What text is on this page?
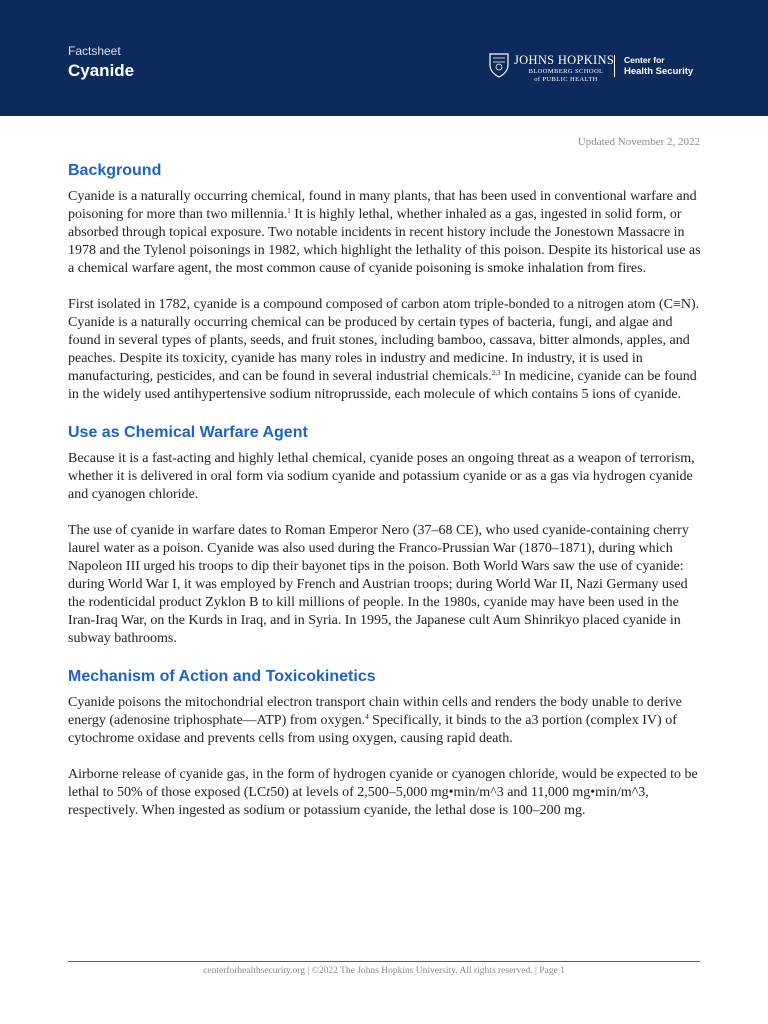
Factsheet
Cyanide
JOHNS HOPKINS
BLOOMBERG SCHOOL
of PUBLIC HEALTH
Center for
Health Security
Updated November 2, 2022
Background

Cyanide is a naturally occurring chemical, found in many plants, that has been used in conventional warfare and poisoning for more than two millennia.$^1$ It is highly lethal, whether inhaled as a gas, ingested in solid form, or absorbed through topical exposure. Two notable incidents in recent history include the Jonestown Massacre in 1978 and the Tylenol poisonings in 1982, which highlight the lethality of this poison. Despite its historical use as a chemical warfare agent, the most common cause of cyanide poisoning is smoke inhalation from fires.

First isolated in 1782, cyanide is a compound composed of carbon atom triple-bonded to a nitrogen atom (C≡N). Cyanide is a naturally occurring chemical can be produced by certain types of bacteria, fungi, and algae and found in several types of plants, seeds, and fruit stones, including bamboo, cassava, bitter almonds, apples, and peaches. Despite its toxicity, cyanide has many roles in industry and medicine. In industry, it is used in manufacturing, pesticides, and can be found in several industrial chemicals.$^{2,3}$ In medicine, cyanide can be found in the widely used antihypertensive sodium nitroprusside, each molecule of which contains 5 ions of cyanide.

Use as Chemical Warfare Agent

Because it is a fast-acting and highly lethal chemical, cyanide poses an ongoing threat as a weapon of terrorism, whether it is delivered in oral form via sodium cyanide and potassium cyanide or as a gas via hydrogen cyanide and cyanogen chloride.

The use of cyanide in warfare dates to Roman Emperor Nero (37–68 CE), who used cyanide-containing cherry laurel water as a poison. Cyanide was also used during the Franco-Prussian War (1870–1871), during which Napoleon III urged his troops to dip their bayonet tips in the poison. Both World Wars saw the use of cyanide: during World War I, it was employed by French and Austrian troops; during World War II, Nazi Germany used the rodenticidal product Zyklon B to kill millions of people. In the 1980s, cyanide may have been used in the Iran-Iraq War, on the Kurds in Iraq, and in Syria. In 1995, the Japanese cult Aum Shinrikyo placed cyanide in subway bathrooms.

Mechanism of Action and Toxicokinetics

Cyanide poisons the mitochondrial electron transport chain within cells and renders the body unable to derive energy (adenosine triphosphate—ATP) from oxygen.$^4$ Specifically, it binds to the a3 portion (complex IV) of cytochrome oxidase and prevents cells from using oxygen, causing rapid death.

Airborne release of cyanide gas, in the form of hydrogen cyanide or cyanogen chloride, would be expected to be lethal to 50% of those exposed (LCt50) at levels of 2,500–5,000 mg•min/m^3 and 11,000 mg•min/m^3, respectively. When ingested as sodium or potassium cyanide, the lethal dose is 100–200 mg.

centerforhealthsecurity.org | ©2022 The Johns Hopkins University. All rights reserved. | Page 1
